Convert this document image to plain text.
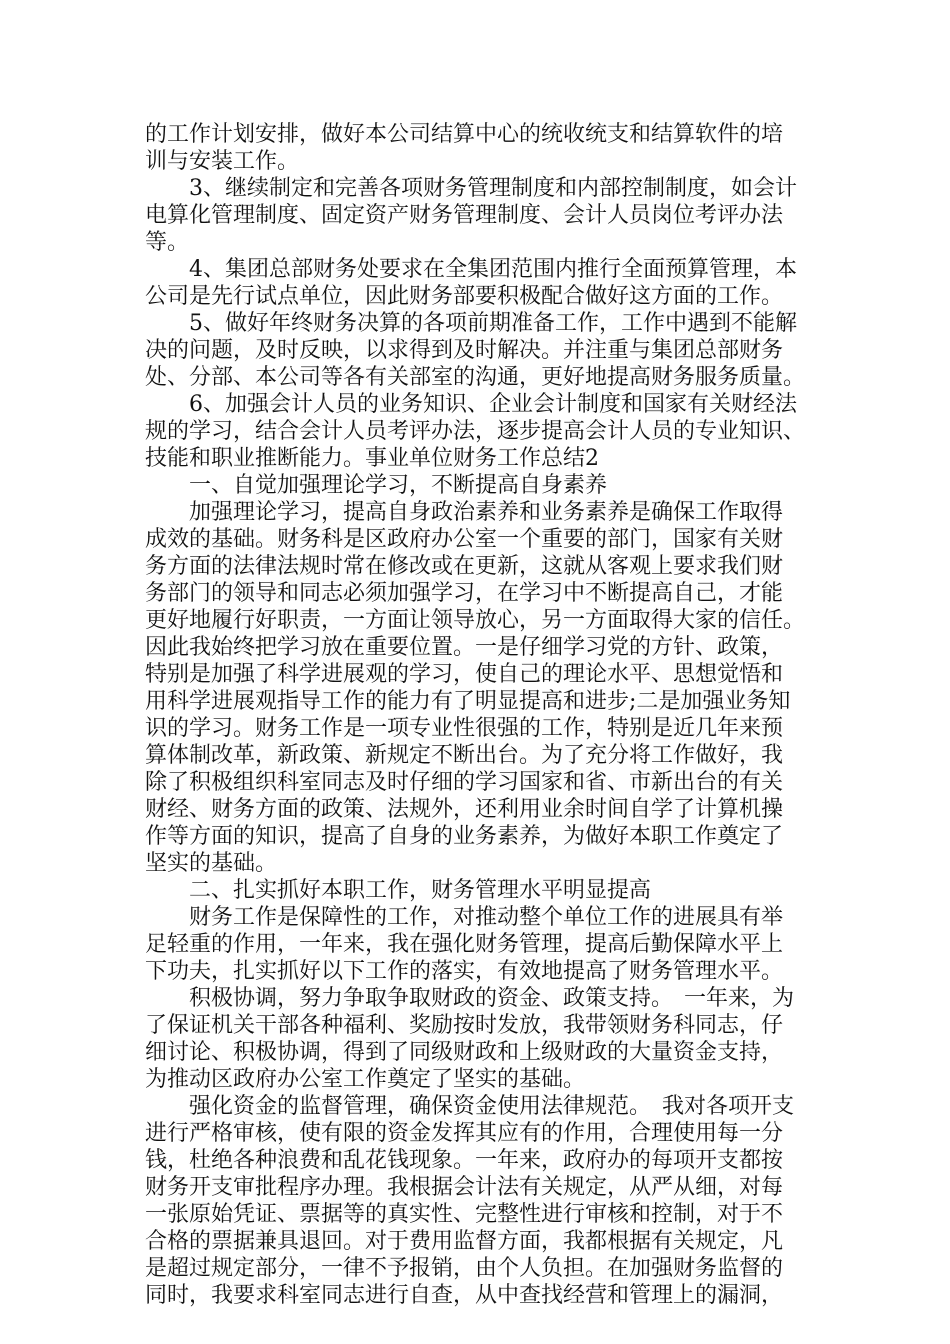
的工作计划安排，做好本公司结算中心的统收统支和结算软件的培
训与安装工作。
　　3、继续制定和完善各项财务管理制度和内部控制制度，如会计
电算化管理制度、固定资产财务管理制度、会计人员岗位考评办法
等。
　　4、集团总部财务处要求在全集团范围内推行全面预算管理，本
公司是先行试点单位，因此财务部要积极配合做好这方面的工作。
　　5、做好年终财务决算的各项前期准备工作，工作中遇到不能解
决的问题，及时反映，以求得到及时解决。并注重与集团总部财务
处、分部、本公司等各有关部室的沟通，更好地提高财务服务质量。
　　6、加强会计人员的业务知识、企业会计制度和国家有关财经法
规的学习，结合会计人员考评办法，逐步提高会计人员的专业知识、
技能和职业推断能力。事业单位财务工作总结2
　　一、自觉加强理论学习，不断提高自身素养
　　加强理论学习，提高自身政治素养和业务素养是确保工作取得
成效的基础。财务科是区政府办公室一个重要的部门，国家有关财
务方面的法律法规时常在修改或在更新，这就从客观上要求我们财
务部门的领导和同志必须加强学习，在学习中不断提高自己，才能
更好地履行好职责，一方面让领导放心，另一方面取得大家的信任。
因此我始终把学习放在重要位置。一是仔细学习党的方针、政策，
特别是加强了科学进展观的学习，使自己的理论水平、思想觉悟和
用科学进展观指导工作的能力有了明显提高和进步;二是加强业务知
识的学习。财务工作是一项专业性很强的工作，特别是近几年来预
算体制改革，新政策、新规定不断出台。为了充分将工作做好，我
除了积极组织科室同志及时仔细的学习国家和省、市新出台的有关
财经、财务方面的政策、法规外，还利用业余时间自学了计算机操
作等方面的知识，提高了自身的业务素养，为做好本职工作奠定了
坚实的基础。
　　二、扎实抓好本职工作，财务管理水平明显提高
　　财务工作是保障性的工作，对推动整个单位工作的进展具有举
足轻重的作用，一年来，我在强化财务管理，提高后勤保障水平上
下功夫，扎实抓好以下工作的落实，有效地提高了财务管理水平。
　　积极协调，努力争取争取财政的资金、政策支持。　一年来，为
了保证机关干部各种福利、奖励按时发放，我带领财务科同志，仔
细讨论、积极协调，得到了同级财政和上级财政的大量资金支持，
为推动区政府办公室工作奠定了坚实的基础。
　　强化资金的监督管理，确保资金使用法律规范。　我对各项开支
进行严格审核，使有限的资金发挥其应有的作用，合理使用每一分
钱，杜绝各种浪费和乱花钱现象。一年来，政府办的每项开支都按
财务开支审批程序办理。我根据会计法有关规定，从严从细，对每
一张原始凭证、票据等的真实性、完整性进行审核和控制，对于不
合格的票据兼具退回。对于费用监督方面，我都根据有关规定，凡
是超过规定部分，一律不予报销，由个人负担。在加强财务监督的
同时，我要求科室同志进行自查，从中查找经营和管理上的漏洞，
